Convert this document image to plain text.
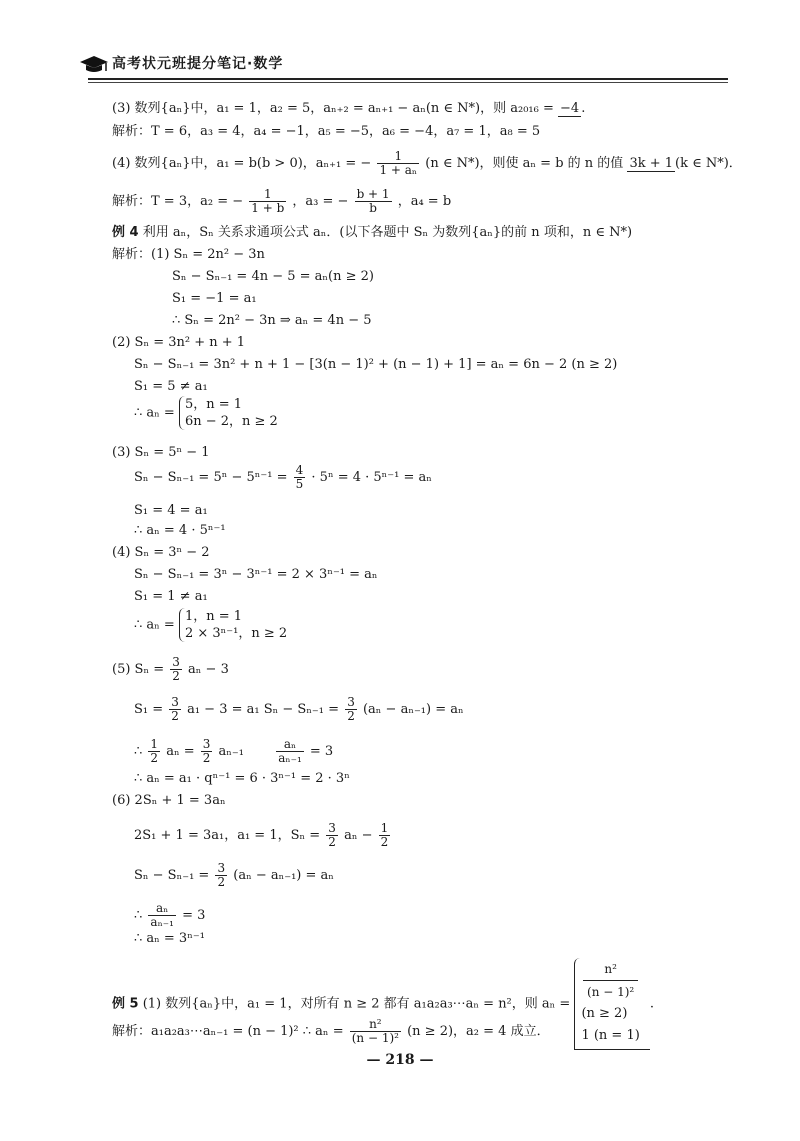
高考状元班提分笔记·数学
(3) 数列{aₙ}中，a₁ = 1，a₂ = 5，aₙ₊₂ = aₙ₊₁ − aₙ(n ∈ N*)，则 a₂₀₁₆ = −4 .
解析：T = 6，a₃ = 4，a₄ = −1，a₅ = −5，a₆ = −4，a₇ = 1，a₈ = 5
(4) 数列{aₙ}中，a₁ = b(b > 0)，aₙ₊₁ = − $\frac{1}{\text{1 + aₙ}} (n$ ∈ N*)，则使 aₙ = b 的 n 的值 3k + 1 (k ∈ N*)．
解析：T = 3，a₂ = − $\frac{1}{1 + b}$ ，a₃ = − $\frac{b + 1}{b}$ ，a₄ = b
例 4 利用 aₙ，Sₙ 关系求通项公式 aₙ．(以下各题中 Sₙ 为数列{aₙ}的前 n 项和，n ∈ N*)
解析：(1) Sₙ = 2n² − 3n
Sₙ − Sₙ₋₁ = 4n − 5 = aₙ(n ≥ 2)
S₁ = −1 = a₁
∴ Sₙ = 2n² − 3n ⇒ aₙ = 4n − 5
(2) Sₙ = 3n² + n + 1
Sₙ − Sₙ₋₁ = 3n² + n + 1 − [3(n − 1)² + (n − 1) + 1] = aₙ = 6n − 2 (n ≥ 2)
S₁ = 5 ≠ a₁
∴ aₙ =
5，n = 1
6n − 2，n ≥ 2
(3) Sₙ = 5ⁿ − 1
$S_n - S_{n-1} = 5^n - 5^{n-1} = \frac{4}{5} \cdot 5^n = 4 \cdot 5^{n-1} = a_n$
S₁ = 4 = a₁
∴ aₙ = 4 · 5ⁿ⁻¹
(4) Sₙ = 3ⁿ − 2
Sₙ − Sₙ₋₁ = 3ⁿ − 3ⁿ⁻¹ = 2 × 3ⁿ⁻¹ = aₙ
S₁ = 1 ≠ a₁
∴ aₙ =
1，n = 1
2 × 3ⁿ⁻¹，n ≥ 2
(5) $S_n = \frac{3}{2}$ aₙ − 3
$S_1 = \frac{3}{2} a_1 - 3 = a_1$ $S_n - S_{n-1} = \frac{3}{2} (a_n - a_{n-1}) = a_n$
∴ $\frac{1}{2}$ $a_n = \frac{3}{2} a_{n-1}$	$\frac{\text{aₙ}}{\text{aₙ₋₁}} = 3$
∴ aₙ = a₁ · qⁿ⁻¹ = 6 · 3ⁿ⁻¹ = 2 · 3ⁿ
(6) 2Sₙ + 1 = 3aₙ
2S₁ + 1 = 3a₁，a₁ = 1，$S_n = \frac{3}{2}$ $a_n - \frac{1}{2}$
$S_n - S_{n-1} = \frac{3}{2} (a_n - a_{n-1}) = a_n$
∴ $\frac{\text{aₙ}}{\text{aₙ₋₁}} = 3$
∴ aₙ = 3ⁿ⁻¹
例 5 (1) 数列{aₙ}中，a₁ = 1，对所有 n ≥ 2 都有 a₁a₂a₃⋯aₙ = n²，则 aₙ =
n²
(n − 1)²
(n ≥ 2)
1 (n = 1)
.
解析：a₁a₂a₃⋯aₙ₋₁ = (n − 1)² ∴ $a_n = \frac{\text{n²}}{\text{(n − 1)²}} (n \ge 2)$，a₂ = 4 成立．
— 218 —
